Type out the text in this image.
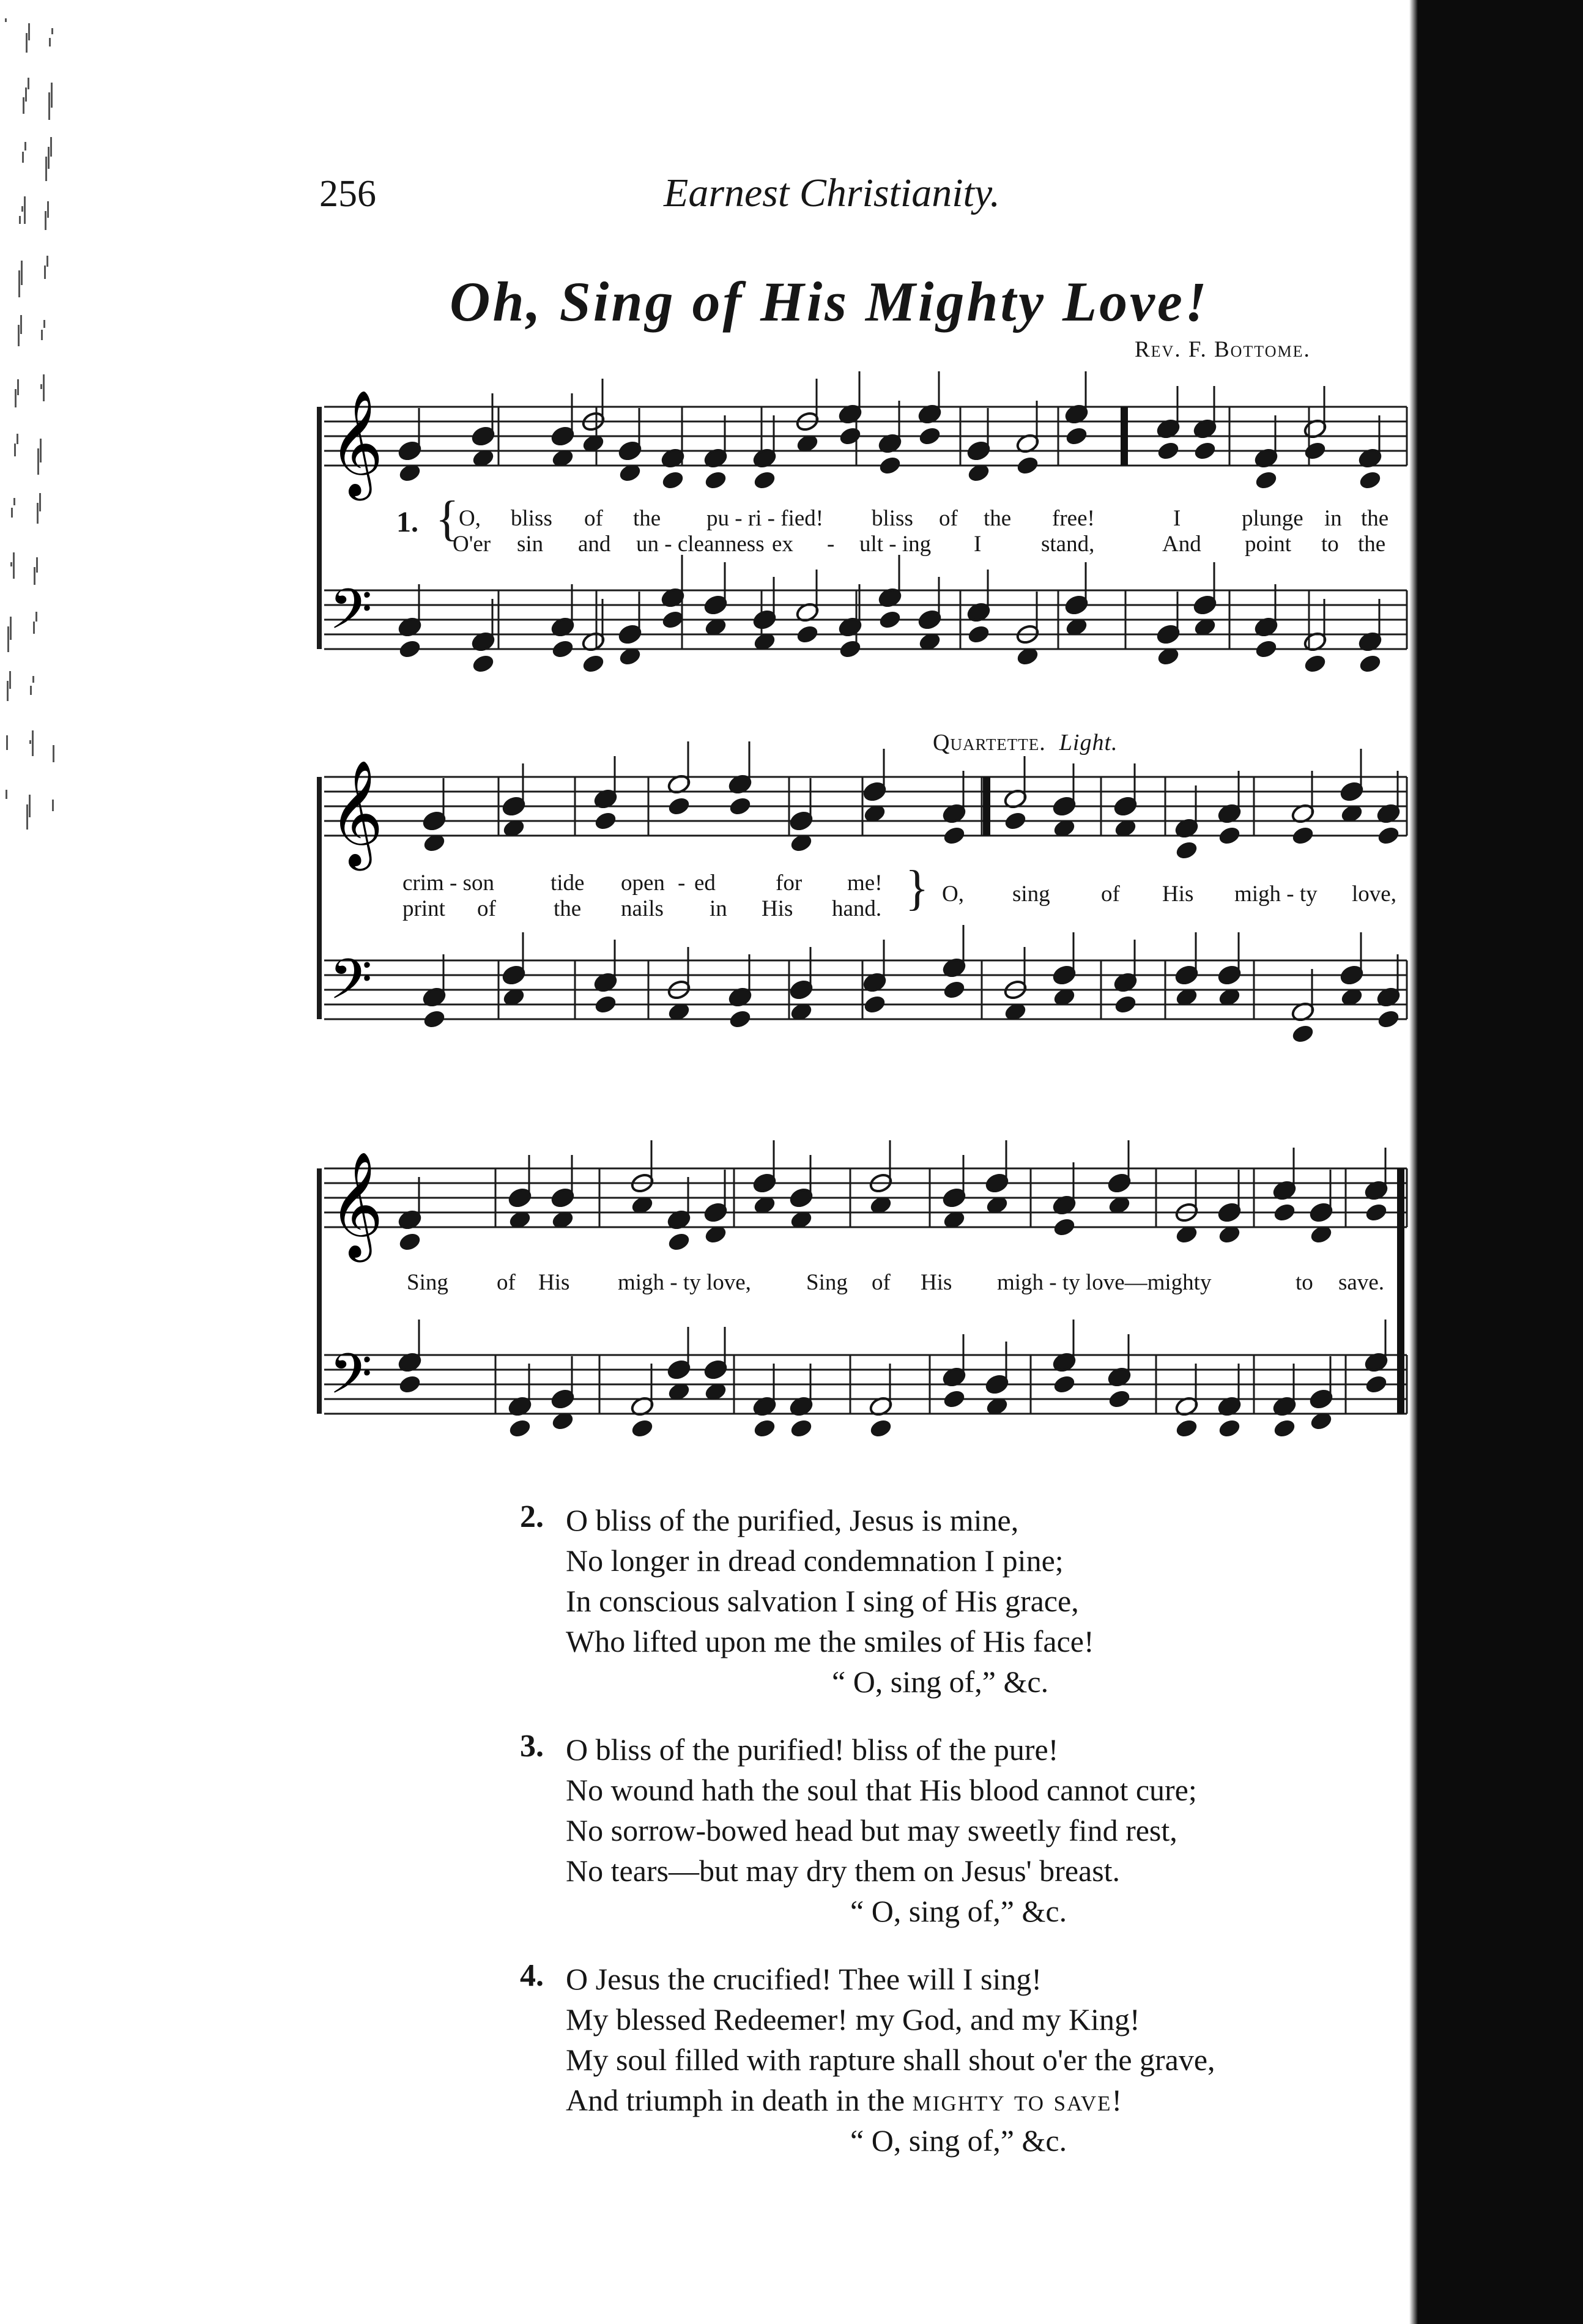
256	Earnest Christianity.
Oh, Sing of His Mighty Love!
Rev. F. Bottome.
𝄞
𝄢
1. { O, bliss of the pu - ri - fied! bliss of the free!	I	plunge in the
O'er sin and un - cleanness ex - ult - ing I	stand,	And point to the
Quartette. Light.
𝄞
𝄢
crim - son tide open - ed	for me!
print of	the nails in His hand. } O, sing of His migh - ty love,
𝄞
𝄢
Sing of His migh - ty love, Sing of His migh - ty love—mighty	to save.
2. O bliss of the purified, Jesus is mine,
No longer in dread condemnation I pine;
In conscious salvation I sing of His grace,
Who lifted upon me the smiles of His face!
“ O, sing of,” &c.
3. O bliss of the purified! bliss of the pure!
No wound hath the soul that His blood cannot cure;
No sorrow-bowed head but may sweetly find rest,
No tears—but may dry them on Jesus' breast.
“ O, sing of,” &c.
4. O Jesus the crucified! Thee will I sing!
My blessed Redeemer! my God, and my King!
My soul filled with rapture shall shout o'er the grave,
And triumph in death in the mighty to save!
“ O, sing of,” &c.
